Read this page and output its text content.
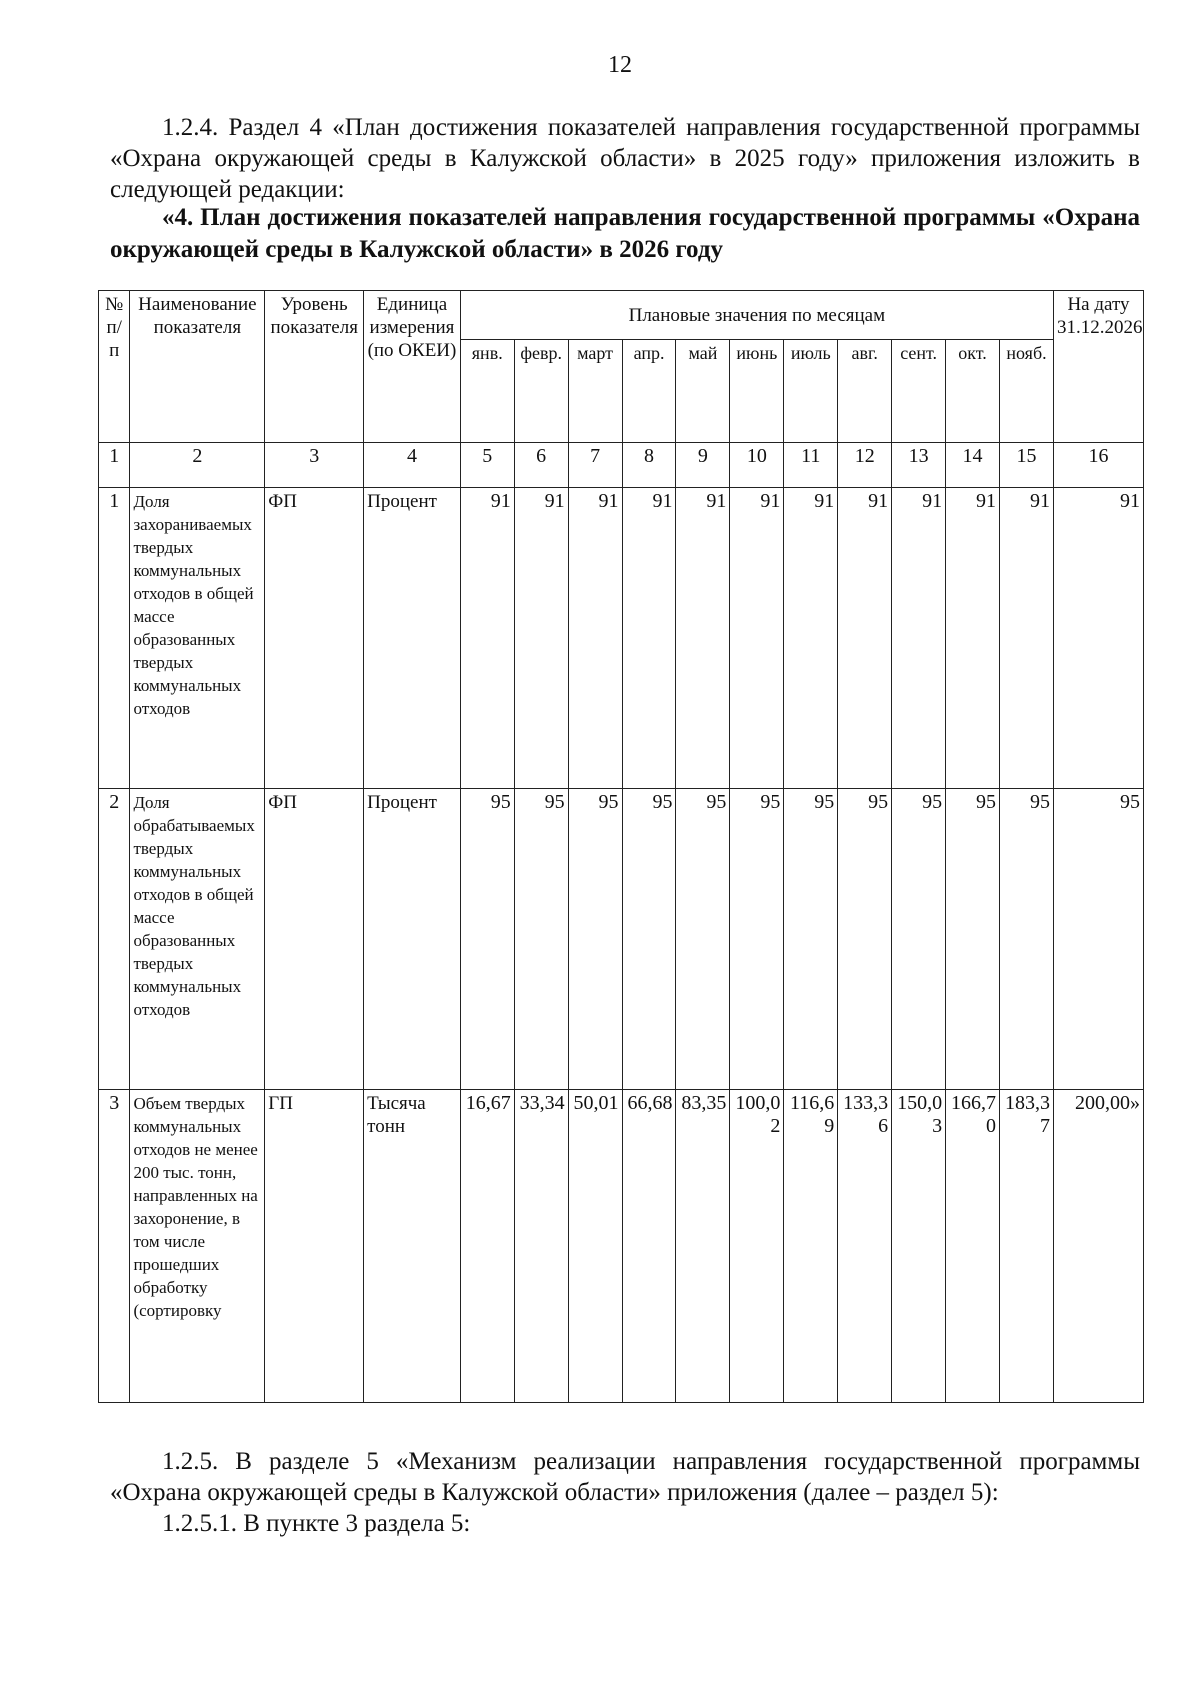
12
1.2.4. Раздел 4 «План достижения показателей направления государственной программы «Охрана окружающей среды в Калужской области» в 2025 году» приложения изложить в следующей редакции:
«4. План достижения показателей направления государственной программы «Охрана окружающей среды в Калужской области» в 2026 году
№ п/п	Наименование показателя	Уровень показателя	Единица измерения (по ОКЕИ)	Плановые значения по месяцам											На дату 31.12.2026
				янв.	февр.	март	апр.	май	июнь	июль	авг.	сент.	окт.	нояб.	
1	2	3	4	5	6	7	8	9	10	11	12	13	14	15	16
1	Доля захораниваемых твердых коммунальных отходов в общей массе образованных твердых коммунальных отходов	ФП	Процент	91	91	91	91	91	91	91	91	91	91	91	91
2	Доля обрабатываемых твердых коммунальных отходов в общей массе образованных твердых коммунальных отходов	ФП	Процент	95	95	95	95	95	95	95	95	95	95	95	95
3	Объем твердых коммунальных отходов не менее 200 тыс. тонн, направленных на захоронение, в том числе прошедших обработку (сортировку	ГП	Тысяча тонн	16,67	33,34	50,01	66,68	83,35	100,02	116,69	133,36	150,03	166,70	183,37	200,00»
1.2.5. В разделе 5 «Механизм реализации направления государственной программы «Охрана окружающей среды в Калужской области» приложения (далее – раздел 5):
1.2.5.1. В пункте 3 раздела 5:
